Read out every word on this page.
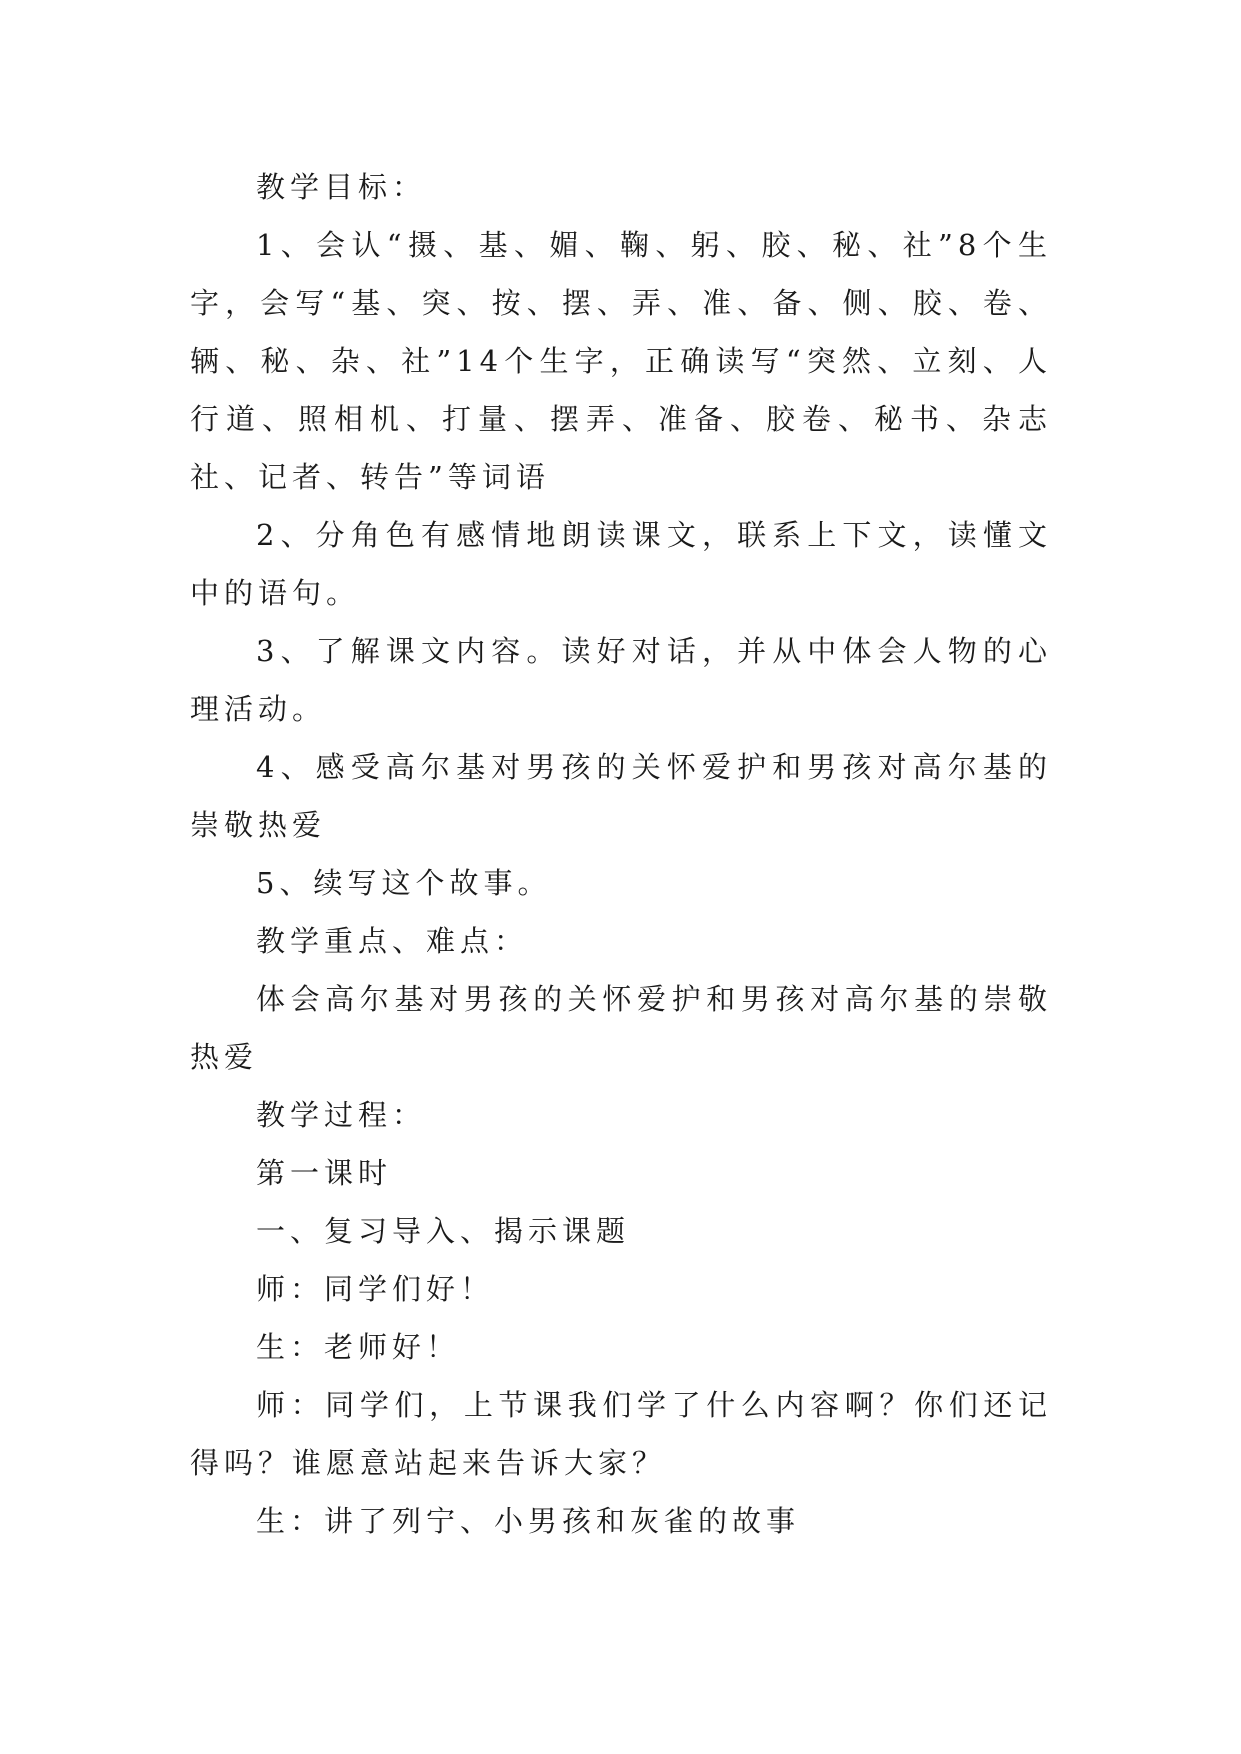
教学目标：

1、会认“摄、基、媚、鞠、躬、胶、秘、社”8个生字，会写“基、突、按、摆、弄、准、备、侧、胶、卷、辆、秘、杂、社”14个生字，正确读写“突然、立刻、人行道、照相机、打量、摆弄、准备、胶卷、秘书、杂志社、记者、转告”等词语

2、分角色有感情地朗读课文，联系上下文，读懂文中的语句。

3、了解课文内容。读好对话，并从中体会人物的心理活动。

4、感受高尔基对男孩的关怀爱护和男孩对高尔基的崇敬热爱

5、续写这个故事。

教学重点、难点：

体会高尔基对男孩的关怀爱护和男孩对高尔基的崇敬热爱

教学过程：

第一课时

一、复习导入、揭示课题

师：同学们好！

生：老师好！

师：同学们，上节课我们学了什么内容啊？你们还记得吗？谁愿意站起来告诉大家？

生：讲了列宁、小男孩和灰雀的故事
